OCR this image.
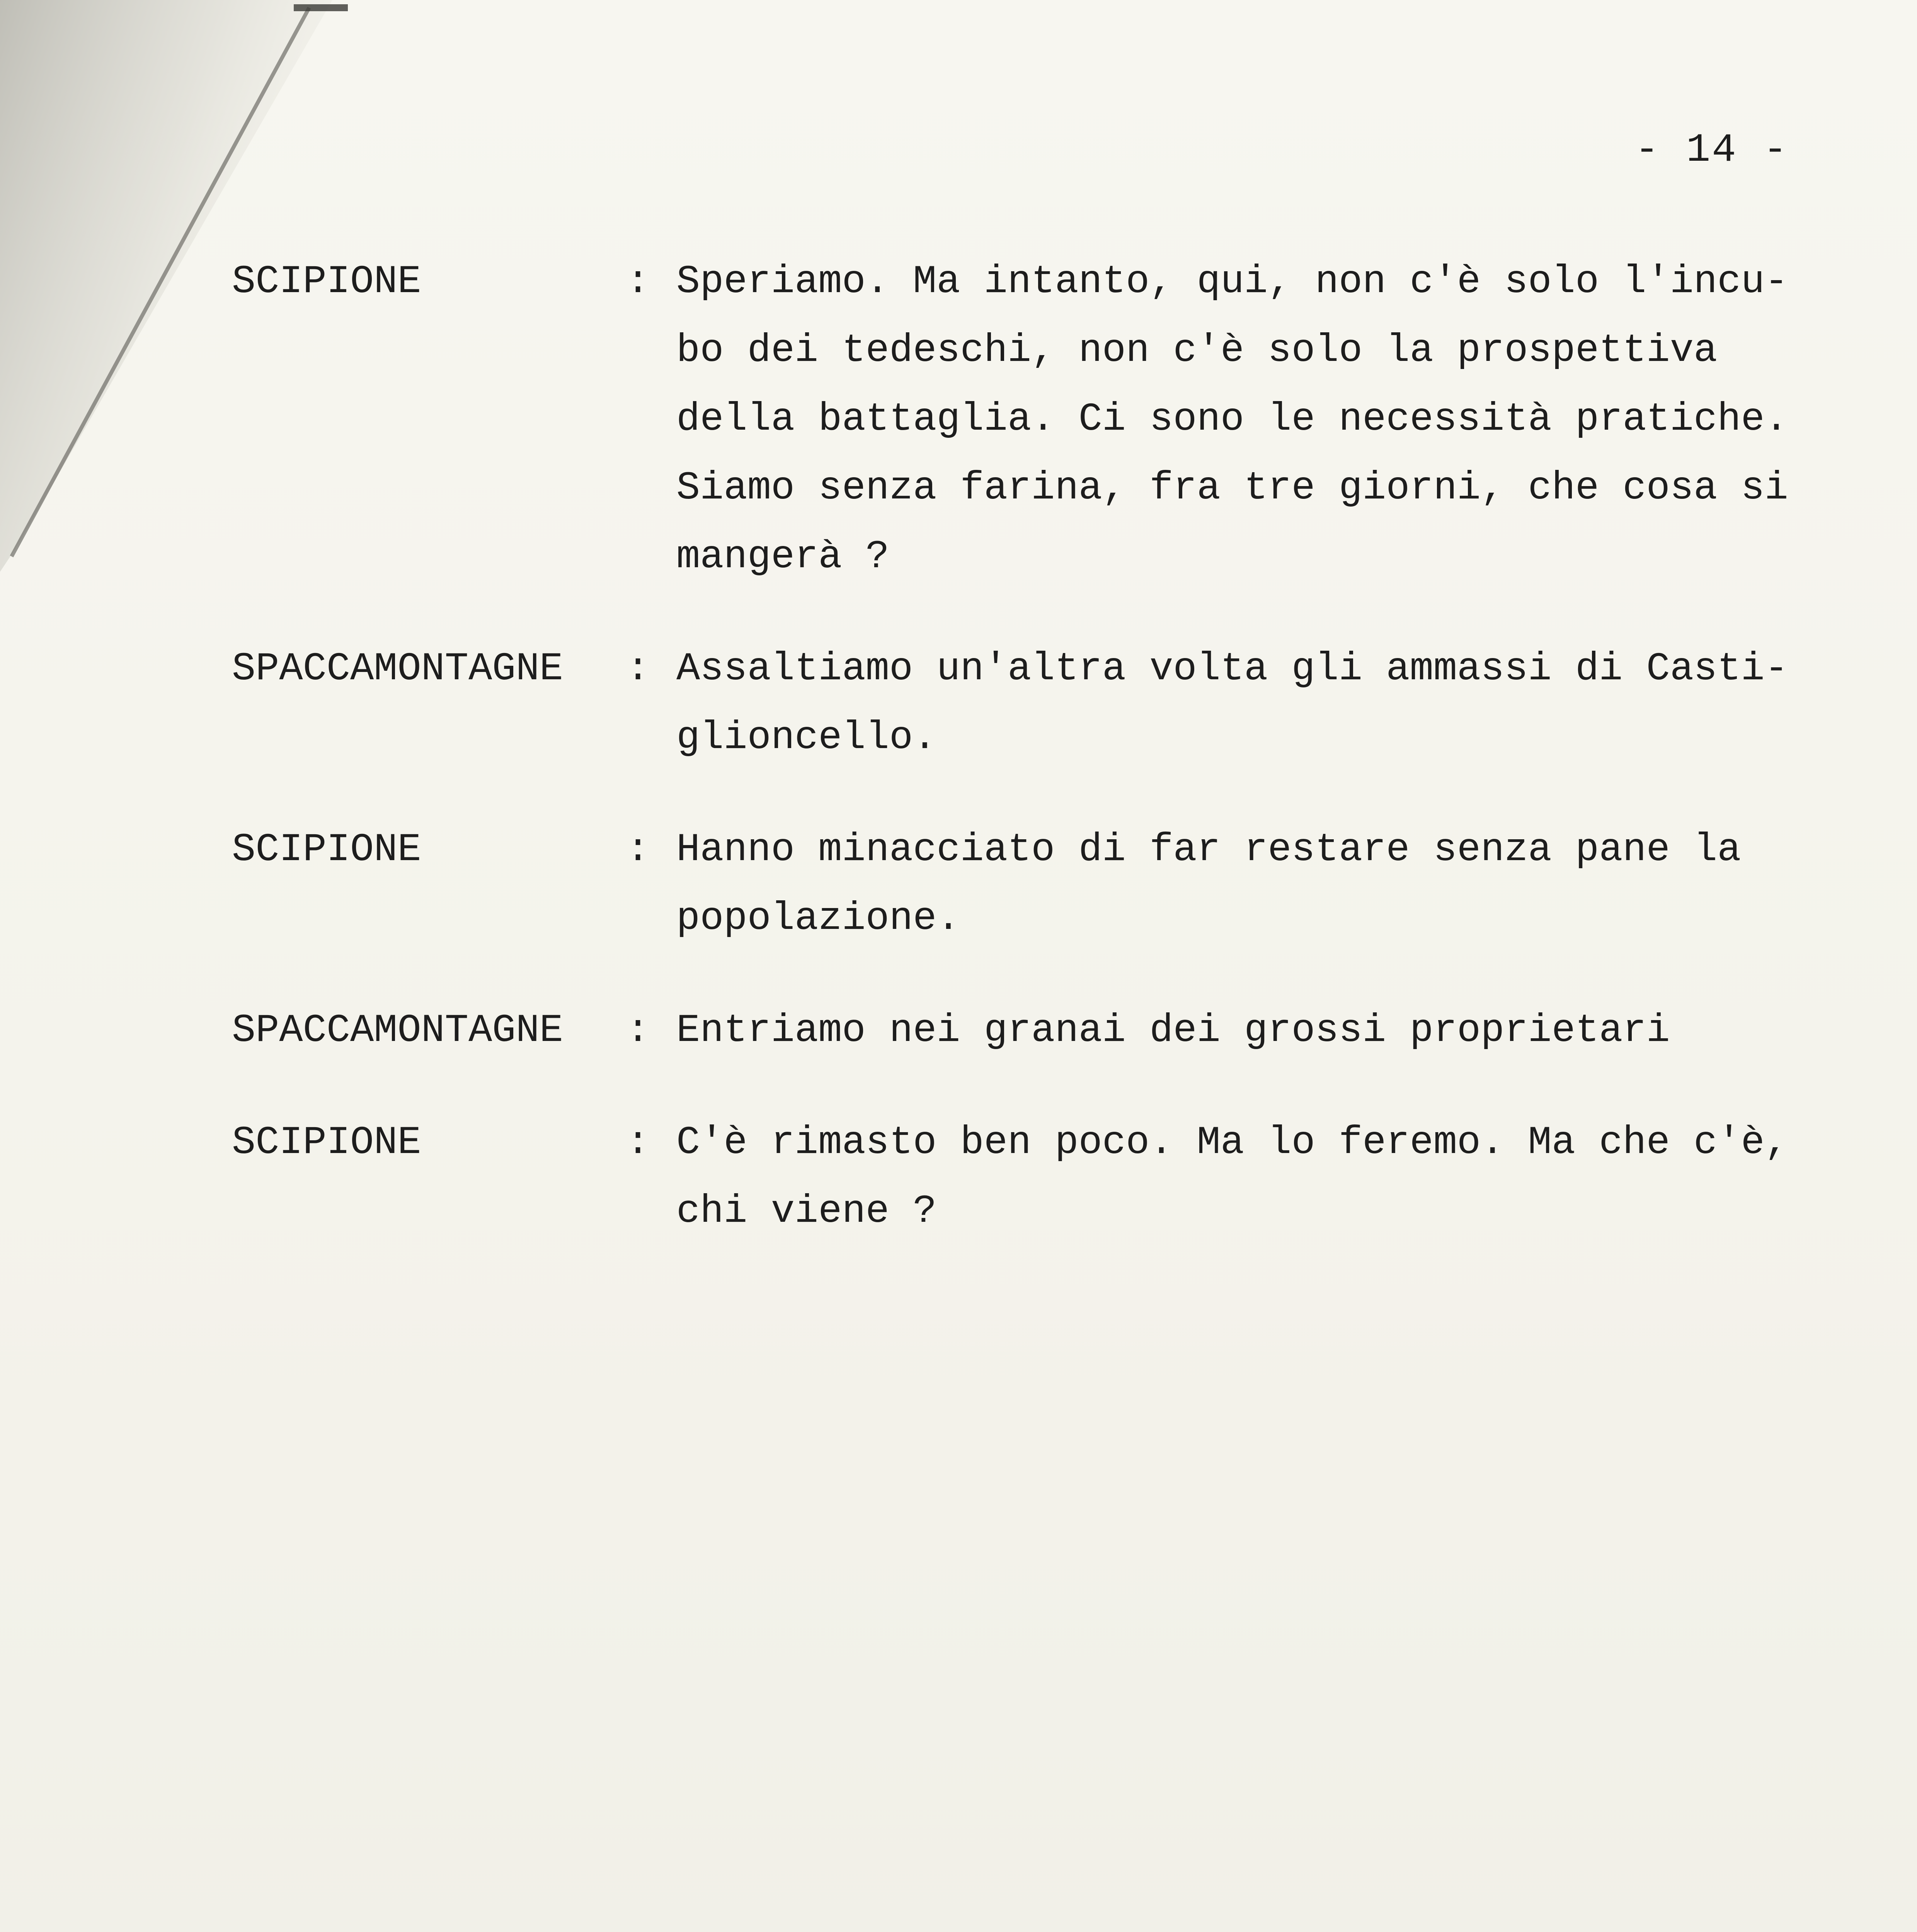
- 14 -
SCIPIONE	: Speriamo. Ma intanto, qui, non c'è solo l'incu-
bo dei tedeschi, non c'è solo la prospettiva
della battaglia. Ci sono le necessità pratiche.
Siamo senza farina, fra tre giorni, che cosa si
mangerà ?
SPACCAMONTAGNE	: Assaltiamo un'altra volta gli ammassi di Casti-
glioncello.
SCIPIONE	: Hanno minacciato di far restare senza pane la
popolazione.
SPACCAMONTAGNE	: Entriamo nei granai dei grossi proprietari
SCIPIONE	: C'è rimasto ben poco. Ma lo feremo. Ma che c'è,
chi viene ?
